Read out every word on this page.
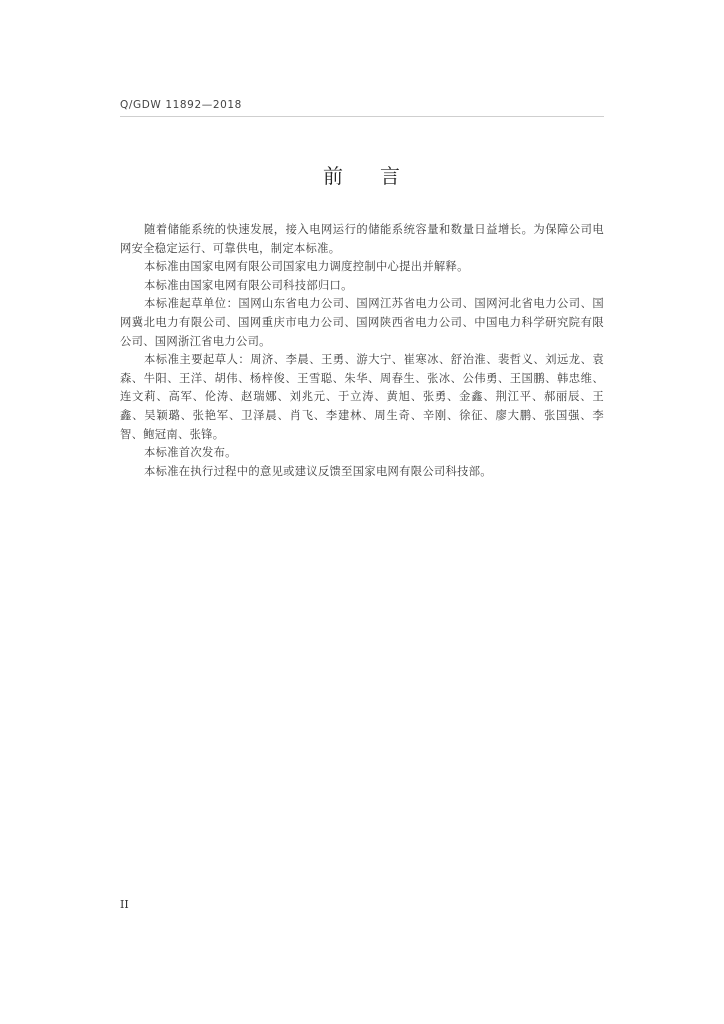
Q/GDW 11892—2018
前 言

随着储能系统的快速发展，接入电网运行的储能系统容量和数量日益增长。为保障公司电网安全稳定运行、可靠供电，制定本标准。

本标准由国家电网有限公司国家电力调度控制中心提出并解释。

本标准由国家电网有限公司科技部归口。

本标准起草单位：国网山东省电力公司、国网江苏省电力公司、国网河北省电力公司、国网冀北电力有限公司、国网重庆市电力公司、国网陕西省电力公司、中国电力科学研究院有限公司、国网浙江省电力公司。

本标准主要起草人：周济、李晨、王勇、游大宁、崔寒冰、舒治淮、裴哲义、刘远龙、袁森、牛阳、王洋、胡伟、杨梓俊、王雪聪、朱华、周春生、张冰、公伟勇、王国鹏、韩忠维、连文莉、高军、伦涛、赵瑞娜、刘兆元、于立涛、黄旭、张勇、金鑫、荆江平、郝丽辰、王鑫、吴颖璐、张艳军、卫泽晨、肖飞、李建林、周生奇、辛刚、徐征、廖大鹏、张国强、李智、鲍冠南、张锋。

本标准首次发布。

本标准在执行过程中的意见或建议反馈至国家电网有限公司科技部。

II
